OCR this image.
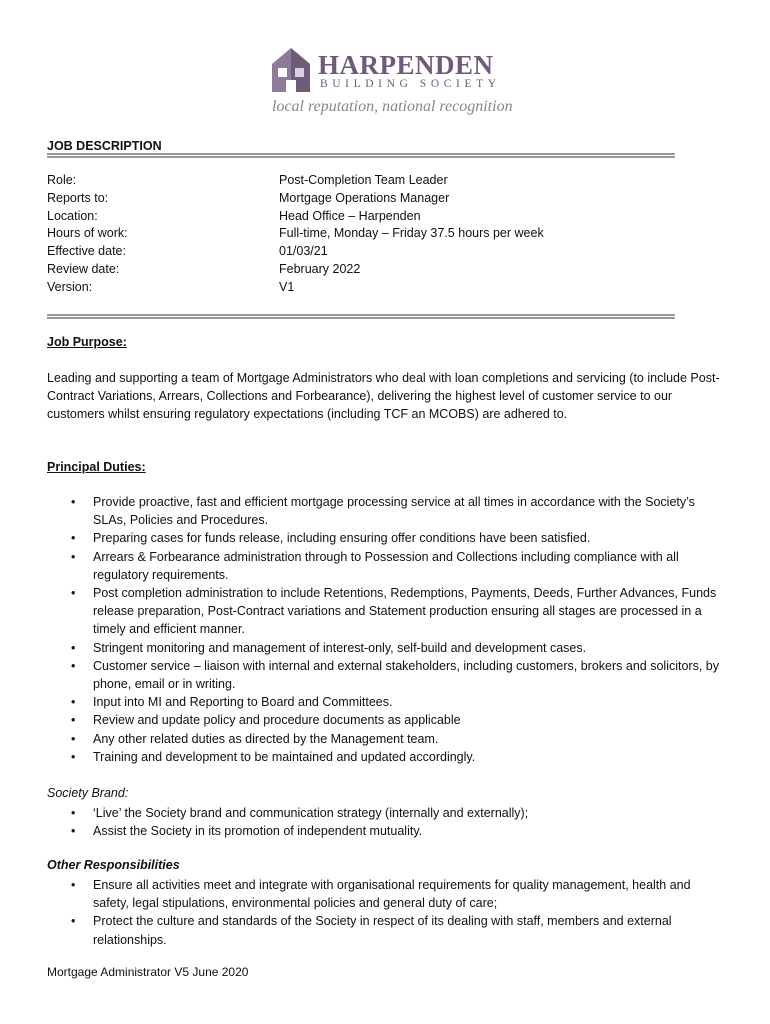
HARPENDEN
BUILDING SOCIETY
local reputation, national recognition
JOB DESCRIPTION
Role:	Post-Completion Team Leader
Reports to:	Mortgage Operations Manager
Location:	Head Office – Harpenden
Hours of work:	Full-time, Monday – Friday 37.5 hours per week
Effective date:	01/03/21
Review date:	February 2022
Version:	V1
Job Purpose:

Leading and supporting a team of Mortgage Administrators who deal with loan completions and servicing (to include Post-Contract Variations, Arrears, Collections and Forbearance), delivering the highest level of customer service to our customers whilst ensuring regulatory expectations (including TCF an MCOBS) are adhered to.

Principal Duties:
• Provide proactive, fast and efficient mortgage processing service at all times in accordance with the Society’s SLAs, Policies and Procedures.
• Preparing cases for funds release, including ensuring offer conditions have been satisfied.
• Arrears & Forbearance administration through to Possession and Collections including compliance with all regulatory requirements.
• Post completion administration to include Retentions, Redemptions, Payments, Deeds, Further Advances, Funds release preparation, Post-Contract variations and Statement production ensuring all stages are processed in a timely and efficient manner.
• Stringent monitoring and management of interest-only, self-build and development cases.
• Customer service – liaison with internal and external stakeholders, including customers, brokers and solicitors, by phone, email or in writing.
• Input into MI and Reporting to Board and Committees.
• Review and update policy and procedure documents as applicable
• Any other related duties as directed by the Management team.
• Training and development to be maintained and updated accordingly.
Society Brand:
• ‘Live’ the Society brand and communication strategy (internally and externally);
• Assist the Society in its promotion of independent mutuality.
Other Responsibilities
• Ensure all activities meet and integrate with organisational requirements for quality management, health and safety, legal stipulations, environmental policies and general duty of care;
• Protect the culture and standards of the Society in respect of its dealing with staff, members and external relationships.
Mortgage Administrator V5 June 2020
